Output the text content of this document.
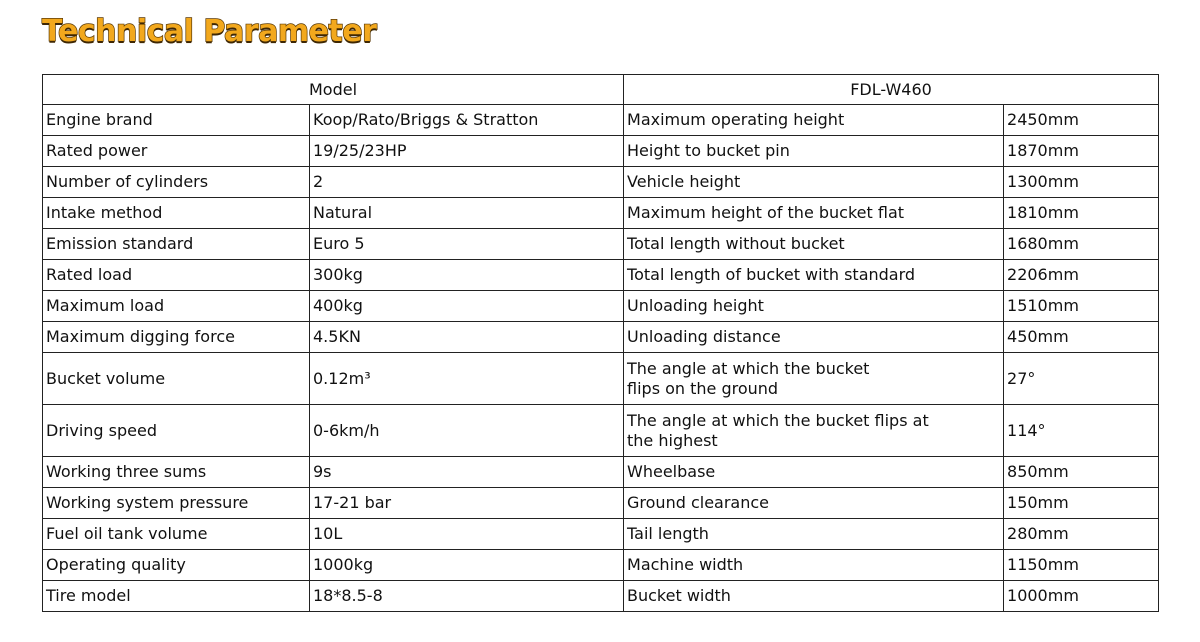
Technical Parameter
Model		FDL-W460	
Engine brand	Koop/Rato/Briggs & Stratton	Maximum operating height	2450mm
Rated power	19/25/23HP	Height to bucket pin	1870mm
Number of cylinders	2	Vehicle height	1300mm
Intake method	Natural	Maximum height of the bucket flat	1810mm
Emission standard	Euro 5	Total length without bucket	1680mm
Rated load	300kg	Total length of bucket with standard	2206mm
Maximum load	400kg	Unloading height	1510mm
Maximum digging force	4.5KN	Unloading distance	450mm
Bucket volume	0.12m³	The angle at which the bucket flips on the ground	27°
Driving speed	0-6km/h	The angle at which the bucket flips at the highest	114°
Working three sums	9s	Wheelbase	850mm
Working system pressure	17-21 bar	Ground clearance	150mm
Fuel oil tank volume	10L	Tail length	280mm
Operating quality	1000kg	Machine width	1150mm
Tire model	18*8.5-8	Bucket width	1000mm
